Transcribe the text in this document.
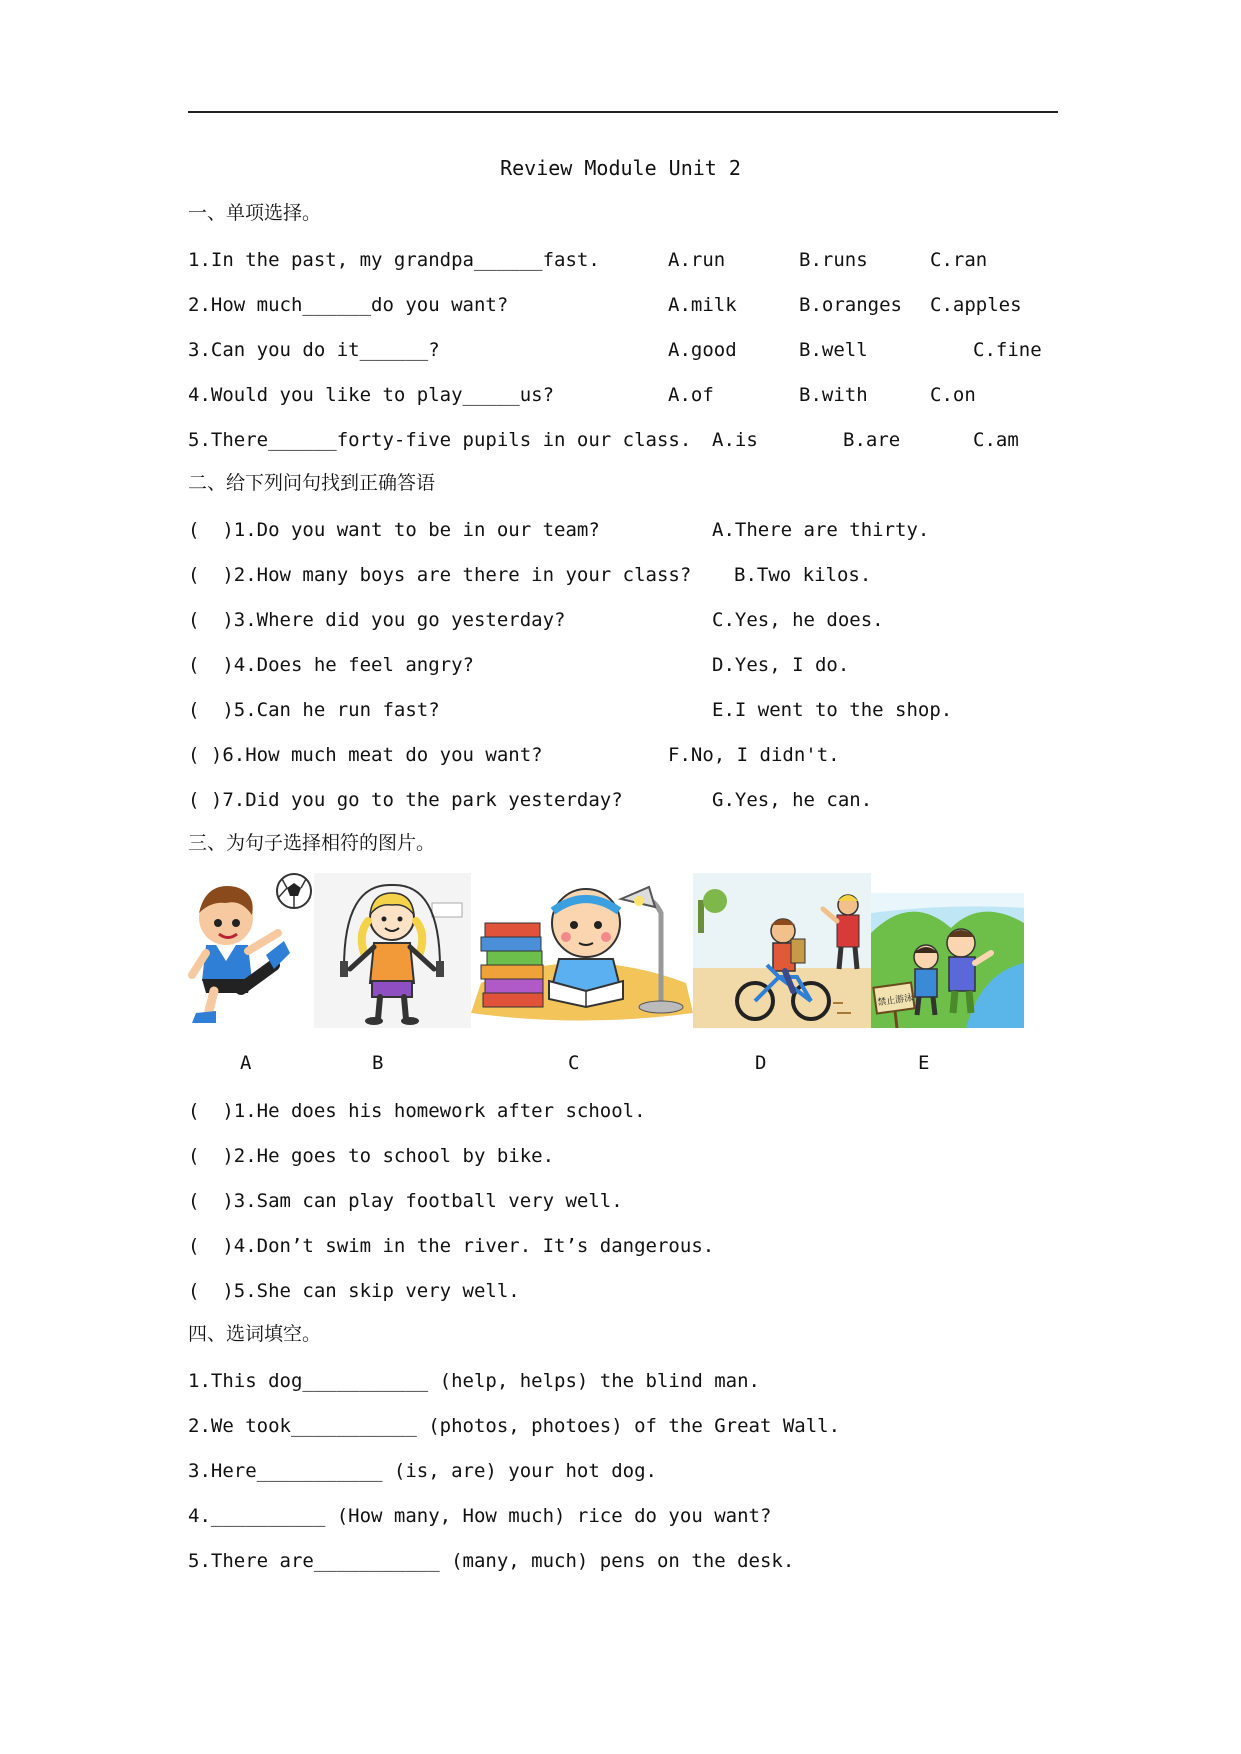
Review Module Unit 2
一、单项选择。
1.In the past, my grandpa______fast.	A.run	B.runs	C.ran
2.How much______do you want?	A.milk	B.oranges C.apples
3.Can you do it______?	A.good	B.well	C.fine
4.Would you like to play_____us?	A.of	B.with	C.on
5.There______forty-five pupils in our class. A.is	B.are	C.am
二、给下列问句找到正确答语
(  )1.Do you want to be in our team?	A.There are thirty.
(  )2.How many boys are there in your class? B.Two kilos.
(  )3.Where did you go yesterday?	C.Yes, he does.
(  )4.Does he feel angry?	D.Yes, I do.
(  )5.Can he run fast?	E.I went to the shop.
( )6.How much meat do you want?	F.No, I didn't.
( )7.Did you go to the park yesterday?	G.Yes, he can.
三、为句子选择相符的图片。
禁止游泳
A	B	C	D	E
(  )1.He does his homework after school.
(  )2.He goes to school by bike.
(  )3.Sam can play football very well.
(  )4.Don’t swim in the river. It’s dangerous.
(  )5.She can skip very well.
四、选词填空。
1.This dog___________ (help, helps) the blind man.
2.We took___________ (photos, photoes) of the Great Wall.
3.Here___________ (is, are) your hot dog.
4.__________ (How many, How much) rice do you want?
5.There are___________ (many, much) pens on the desk.
